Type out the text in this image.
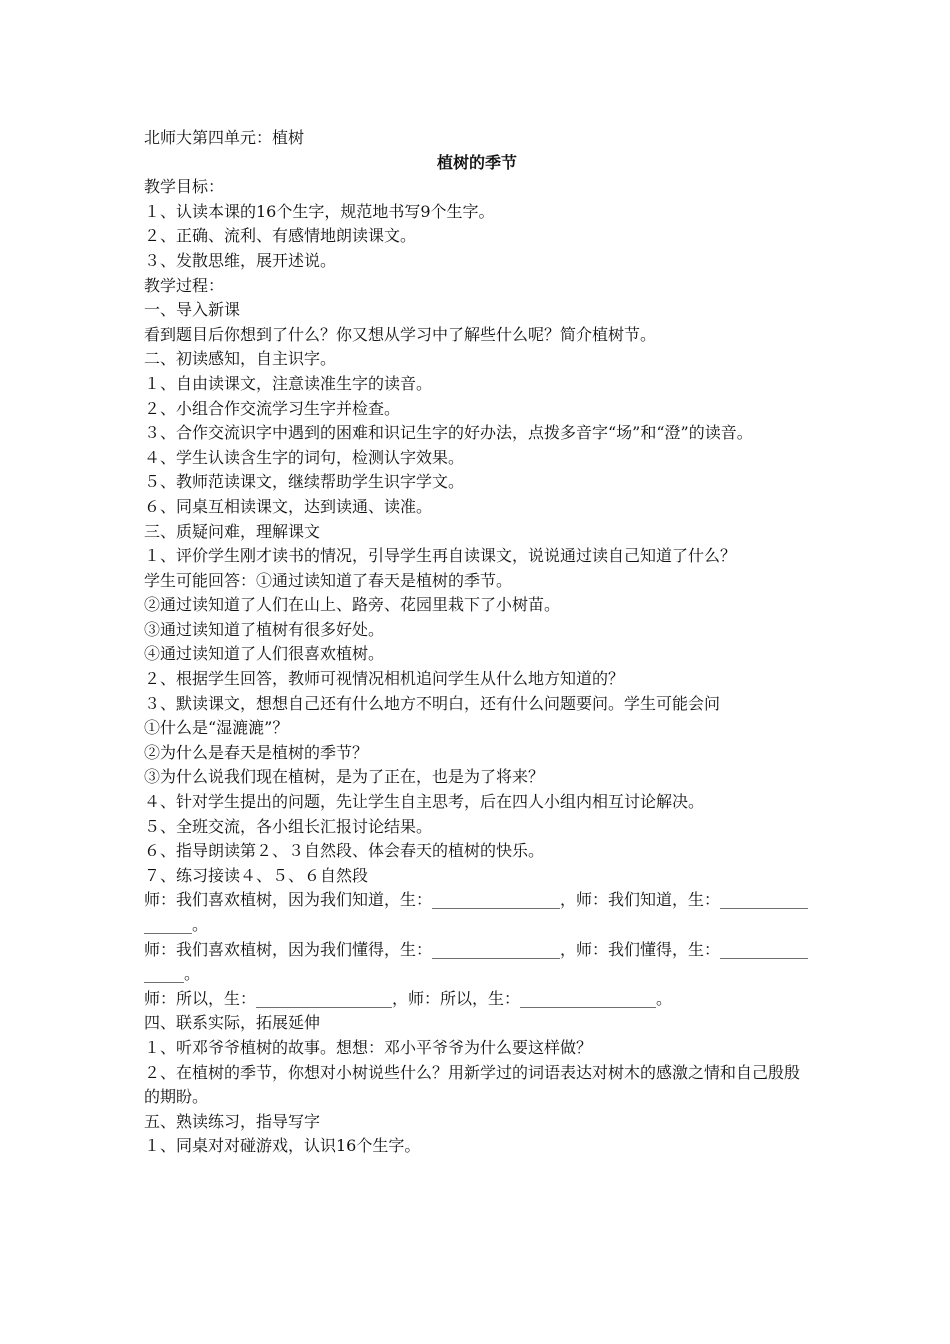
北师大第四单元：植树

植树的季节

教学目标：

１、认读本课的16个生字，规范地书写9个生字。

２、正确、流利、有感情地朗读课文。

３、发散思维，展开述说。

教学过程：

一、导入新课

看到题目后你想到了什么？你又想从学习中了解些什么呢？简介植树节。

二、初读感知，自主识字。

１、自由读课文，注意读准生字的读音。

２、小组合作交流学习生字并检查。

３、合作交流识字中遇到的困难和识记生字的好办法，点拨多音字“场”和“澄”的读音。

４、学生认读含生字的词句，检测认字效果。

５、教师范读课文，继续帮助学生识字学文。

６、同桌互相读课文，达到读通、读准。

三、质疑问难，理解课文

１、评价学生刚才读书的情况，引导学生再自读课文，说说通过读自己知道了什么？

学生可能回答：①通过读知道了春天是植树的季节。

②通过读知道了人们在山上、路旁、花园里栽下了小树苗。

③通过读知道了植树有很多好处。

④通过读知道了人们很喜欢植树。

２、根据学生回答，教师可视情况相机追问学生从什么地方知道的？

３、默读课文，想想自己还有什么地方不明白，还有什么问题要问。学生可能会问

①什么是“湿漉漉”？

②为什么是春天是植树的季节？

③为什么说我们现在植树，是为了正在，也是为了将来？

４、针对学生提出的问题，先让学生自主思考，后在四人小组内相互讨论解决。

５、全班交流，各小组长汇报讨论结果。

６、指导朗读第２、３自然段、体会春天的植树的快乐。

７、练习接读４、５、６自然段

师：我们喜欢植树，因为我们知道，生：________________，师：我们知道，生：_________________。

师：我们喜欢植树，因为我们懂得，生：________________，师：我们懂得，生：________________。

师：所以，生：_________________，师：所以，生：_________________。

四、联系实际，拓展延伸

１、听邓爷爷植树的故事。想想：邓小平爷爷为什么要这样做？

２、在植树的季节，你想对小树说些什么？用新学过的词语表达对树木的感激之情和自己殷殷的期盼。

五、熟读练习，指导写字

１、同桌对对碰游戏，认识16个生字。
